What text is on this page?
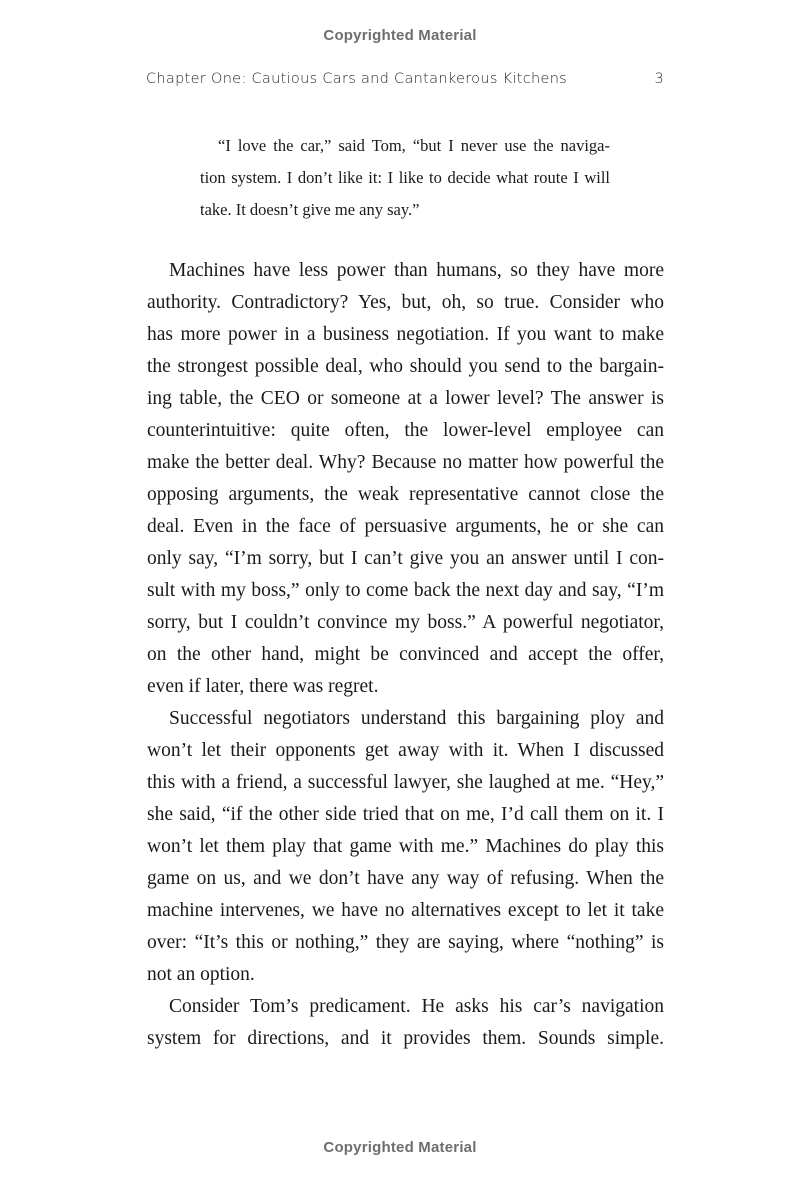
Copyrighted Material
Chapter One: Cautious Cars and Cantankerous Kitchens	3
“I love the car,” said Tom, “but I never use the naviga-
tion system. I don’t like it: I like to decide what route I will
take. It doesn’t give me any say.”
Machines have less power than humans, so they have more
authority. Contradictory? Yes, but, oh, so true. Consider who
has more power in a business negotiation. If you want to make
the strongest possible deal, who should you send to the bargain-
ing table, the CEO or someone at a lower level? The answer is
counterintuitive: quite often, the lower-level employee can
make the better deal. Why? Because no matter how powerful the
opposing arguments, the weak representative cannot close the
deal. Even in the face of persuasive arguments, he or she can
only say, “I’m sorry, but I can’t give you an answer until I con-
sult with my boss,” only to come back the next day and say, “I’m
sorry, but I couldn’t convince my boss.” A powerful negotiator,
on the other hand, might be convinced and accept the offer,
even if later, there was regret.
Successful negotiators understand this bargaining ploy and
won’t let their opponents get away with it. When I discussed
this with a friend, a successful lawyer, she laughed at me. “Hey,”
she said, “if the other side tried that on me, I’d call them on it. I
won’t let them play that game with me.” Machines do play this
game on us, and we don’t have any way of refusing. When the
machine intervenes, we have no alternatives except to let it take
over: “It’s this or nothing,” they are saying, where “nothing” is
not an option.
Consider Tom’s predicament. He asks his car’s navigation
system for directions, and it provides them. Sounds simple.
Copyrighted Material
